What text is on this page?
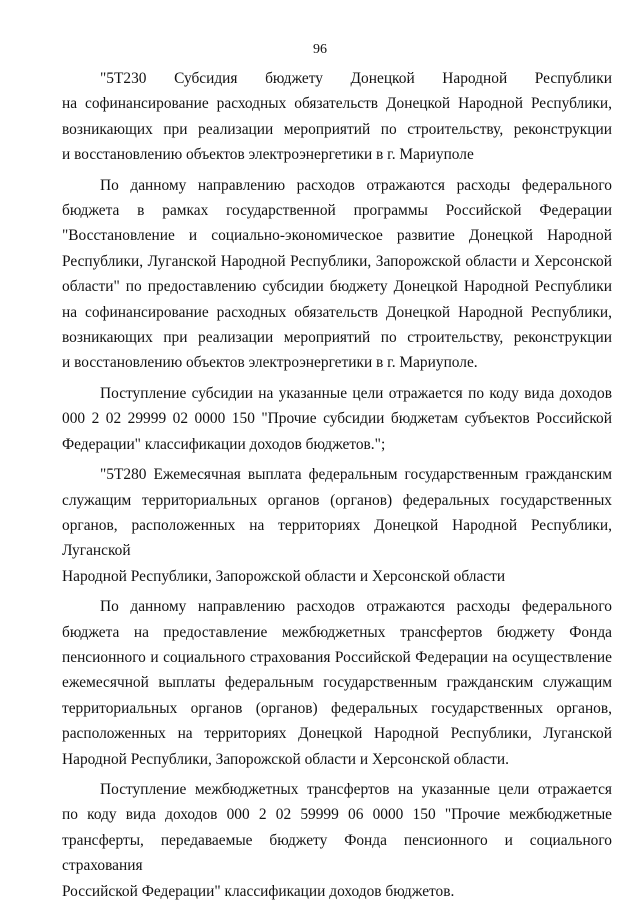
96

"5Т230 Субсидия бюджету Донецкой Народной Республики
на софинансирование расходных обязательств Донецкой Народной Республики,
возникающих при реализации мероприятий по строительству, реконструкции
и восстановлению объектов электроэнергетики в г. Мариуполе

По данному направлению расходов отражаются расходы федерального
бюджета в рамках государственной программы Российской Федерации
"Восстановление и социально-экономическое развитие Донецкой Народной
Республики, Луганской Народной Республики, Запорожской области и Херсонской
области" по предоставлению субсидии бюджету Донецкой Народной Республики
на софинансирование расходных обязательств Донецкой Народной Республики,
возникающих при реализации мероприятий по строительству, реконструкции
и восстановлению объектов электроэнергетики в г. Мариуполе.

Поступление субсидии на указанные цели отражается по коду вида доходов
000 2 02 29999 02 0000 150 "Прочие субсидии бюджетам субъектов Российской
Федерации" классификации доходов бюджетов.";

"5Т280 Ежемесячная выплата федеральным государственным гражданским
служащим территориальных органов (органов) федеральных государственных
органов, расположенных на территориях Донецкой Народной Республики, Луганской
Народной Республики, Запорожской области и Херсонской области

По данному направлению расходов отражаются расходы федерального
бюджета на предоставление межбюджетных трансфертов бюджету Фонда
пенсионного и социального страхования Российской Федерации на осуществление
ежемесячной выплаты федеральным государственным гражданским служащим
территориальных органов (органов) федеральных государственных органов,
расположенных на территориях Донецкой Народной Республики, Луганской
Народной Республики, Запорожской области и Херсонской области.

Поступление межбюджетных трансфертов на указанные цели отражается
по коду вида доходов 000 2 02 59999 06 0000 150 "Прочие межбюджетные
трансферты, передаваемые бюджету Фонда пенсионного и социального страхования
Российской Федерации" классификации доходов бюджетов.
